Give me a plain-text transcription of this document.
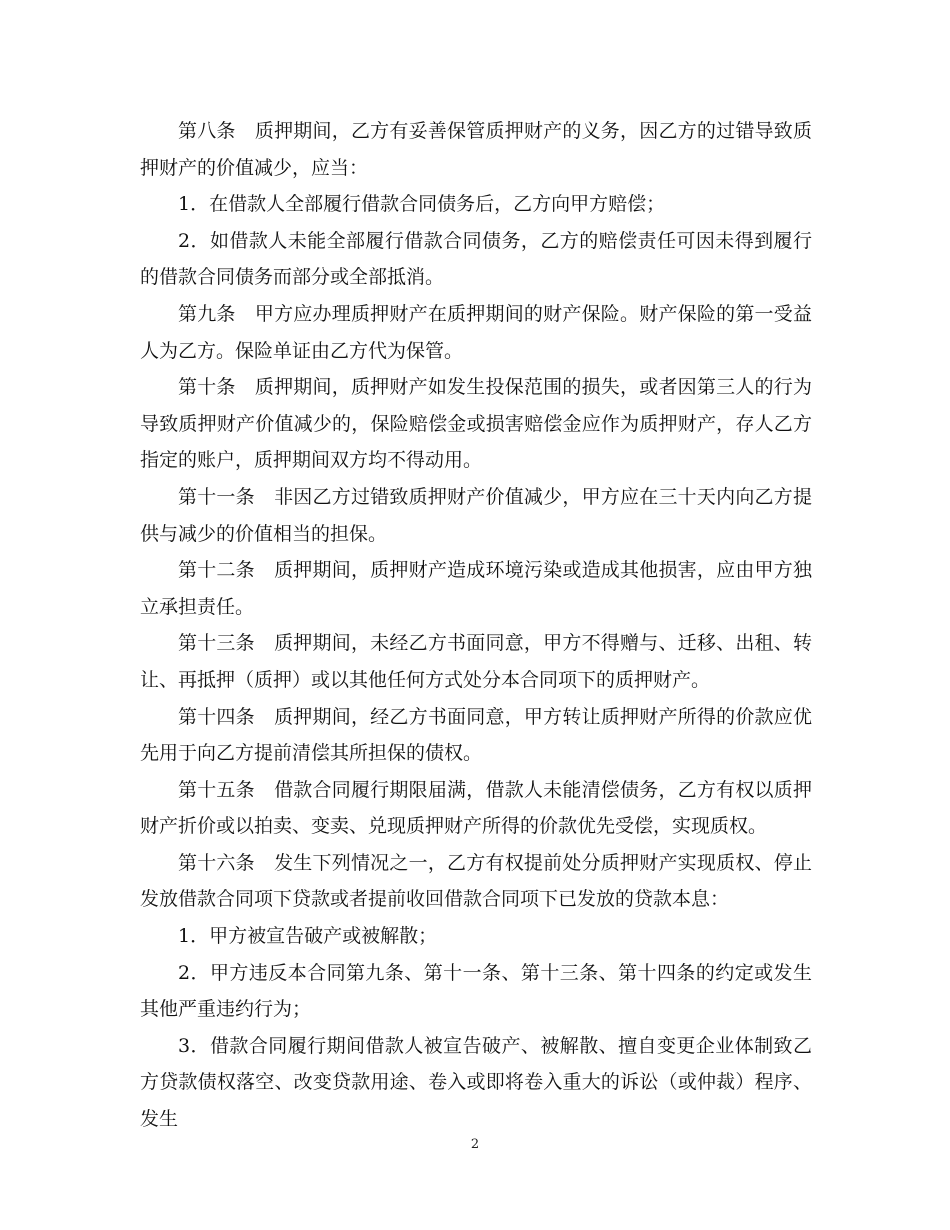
第八条　质押期间，乙方有妥善保管质押财产的义务，因乙方的过错导致质押财产的价值减少，应当：

1．在借款人全部履行借款合同债务后，乙方向甲方赔偿；

2．如借款人未能全部履行借款合同债务，乙方的赔偿责任可因未得到履行的借款合同债务而部分或全部抵消。

第九条　甲方应办理质押财产在质押期间的财产保险。财产保险的第一受益人为乙方。保险单证由乙方代为保管。

第十条　质押期间，质押财产如发生投保范围的损失，或者因第三人的行为导致质押财产价值减少的，保险赔偿金或损害赔偿金应作为质押财产，存人乙方指定的账户，质押期间双方均不得动用。

第十一条　非因乙方过错致质押财产价值减少，甲方应在三十天内向乙方提供与减少的价值相当的担保。

第十二条　质押期间，质押财产造成环境污染或造成其他损害，应由甲方独立承担责任。

第十三条　质押期间，未经乙方书面同意，甲方不得赠与、迁移、出租、转让、再抵押（质押）或以其他任何方式处分本合同项下的质押财产。

第十四条　质押期间，经乙方书面同意，甲方转让质押财产所得的价款应优先用于向乙方提前清偿其所担保的债权。

第十五条　借款合同履行期限届满，借款人未能清偿债务，乙方有权以质押财产折价或以拍卖、变卖、兑现质押财产所得的价款优先受偿，实现质权。

第十六条　发生下列情况之一，乙方有权提前处分质押财产实现质权、停止发放借款合同项下贷款或者提前收回借款合同项下已发放的贷款本息：

1．甲方被宣告破产或被解散；

2．甲方违反本合同第九条、第十一条、第十三条、第十四条的约定或发生其他严重违约行为；

3．借款合同履行期间借款人被宣告破产、被解散、擅自变更企业体制致乙方贷款债权落空、改变贷款用途、卷入或即将卷入重大的诉讼（或仲裁）程序、发生

2
